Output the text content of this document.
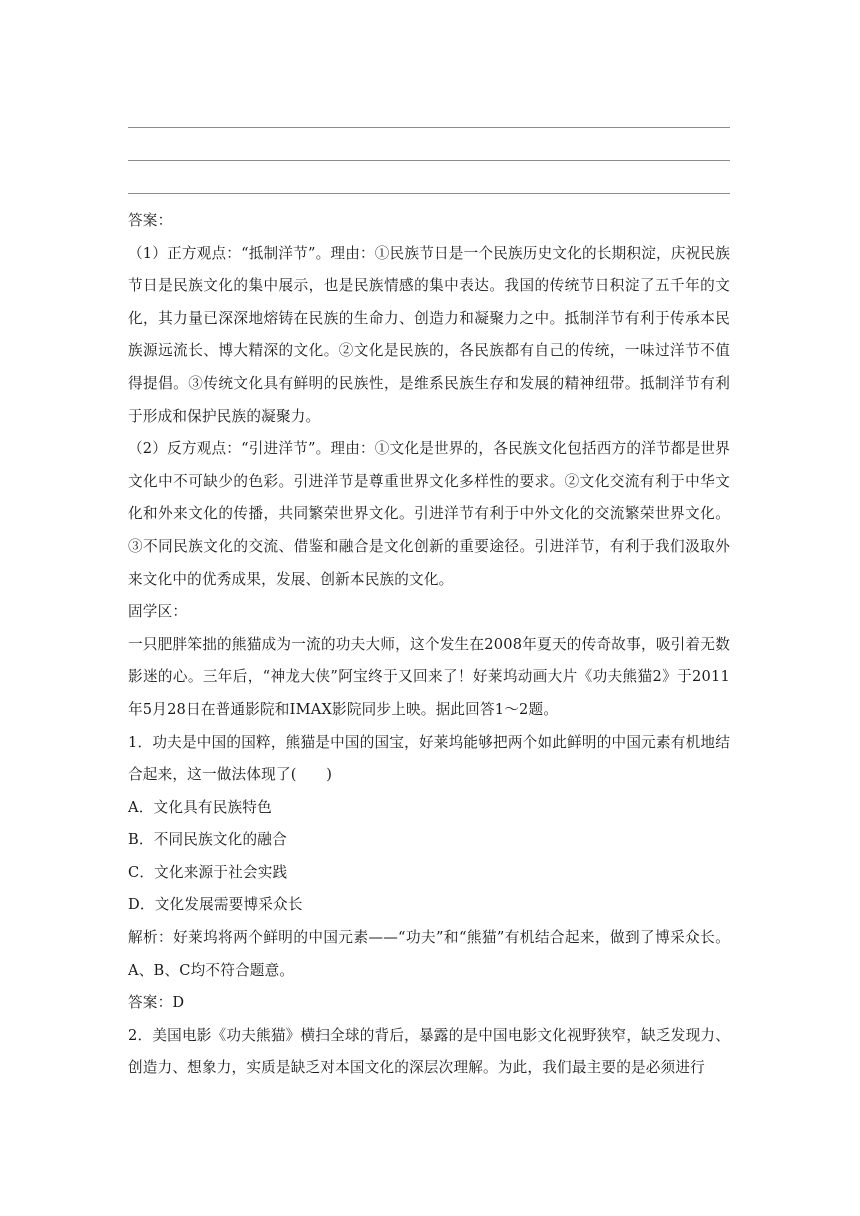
答案：

（1）正方观点：“抵制洋节”。理由：①民族节日是一个民族历史文化的长期积淀，庆祝民族节日是民族文化的集中展示，也是民族情感的集中表达。我国的传统节日积淀了五千年的文化，其力量已深深地熔铸在民族的生命力、创造力和凝聚力之中。抵制洋节有利于传承本民族源远流长、博大精深的文化。②文化是民族的，各民族都有自己的传统，一味过洋节不值得提倡。③传统文化具有鲜明的民族性，是维系民族生存和发展的精神纽带。抵制洋节有利于形成和保护民族的凝聚力。

（2）反方观点：“引进洋节”。理由：①文化是世界的，各民族文化包括西方的洋节都是世界文化中不可缺少的色彩。引进洋节是尊重世界文化多样性的要求。②文化交流有利于中华文化和外来文化的传播，共同繁荣世界文化。引进洋节有利于中外文化的交流繁荣世界文化。③不同民族文化的交流、借鉴和融合是文化创新的重要途径。引进洋节，有利于我们汲取外来文化中的优秀成果，发展、创新本民族的文化。

固学区：

一只肥胖笨拙的熊猫成为一流的功夫大师，这个发生在2008年夏天的传奇故事，吸引着无数影迷的心。三年后，“神龙大侠”阿宝终于又回来了！好莱坞动画大片《功夫熊猫2》于2011年5月28日在普通影院和IMAX影院同步上映。据此回答1～2题。

1．功夫是中国的国粹，熊猫是中国的国宝，好莱坞能够把两个如此鲜明的中国元素有机地结合起来，这一做法体现了(　　)

A．文化具有民族特色

B．不同民族文化的融合

C．文化来源于社会实践

D．文化发展需要博采众长

解析：好莱坞将两个鲜明的中国元素——“功夫”和“熊猫”有机结合起来，做到了博采众长。A、B、C均不符合题意。

答案：D

2．美国电影《功夫熊猫》横扫全球的背后，暴露的是中国电影文化视野狭窄，缺乏发现力、创造力、想象力，实质是缺乏对本国文化的深层次理解。为此，我们最主要的是必须进行
